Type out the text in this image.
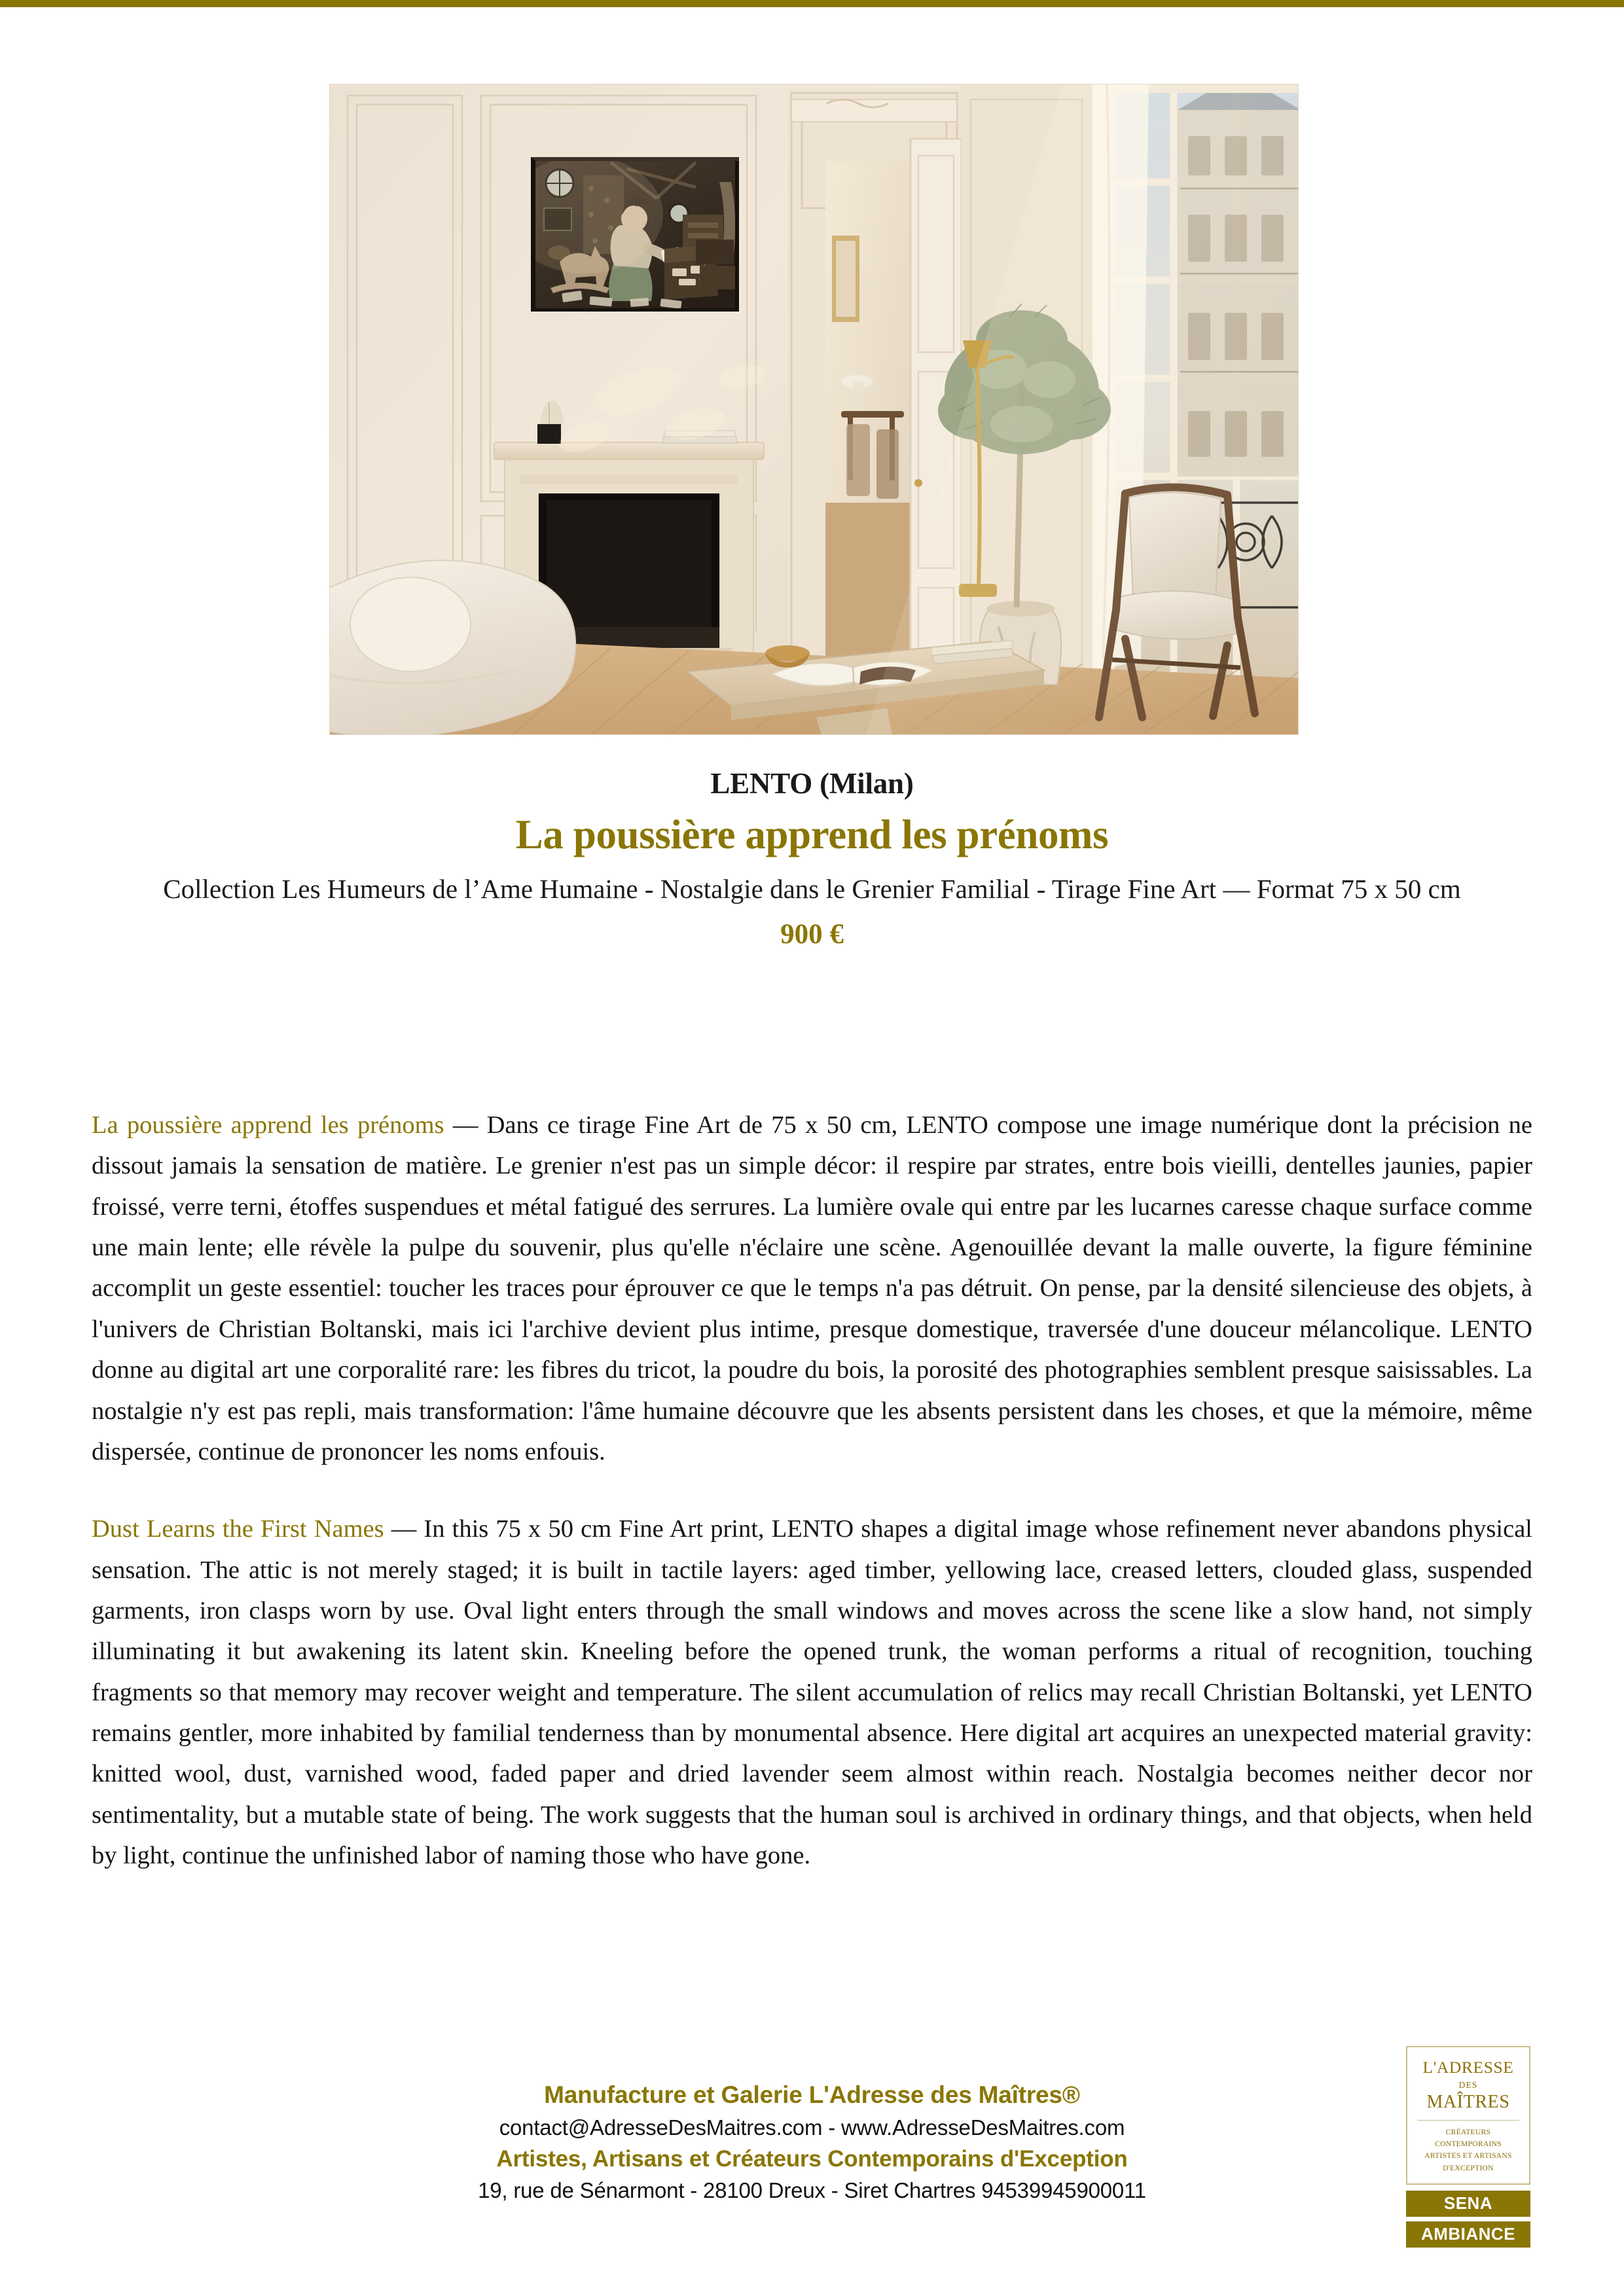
LENTO (Milan)
La poussière apprend les prénoms
Collection Les Humeurs de l’Ame Humaine - Nostalgie dans le Grenier Familial - Tirage Fine Art — Format 75 x 50 cm
900 €

La poussière apprend les prénoms — Dans ce tirage Fine Art de 75 x 50 cm, LENTO compose une image numérique dont la précision ne dissout jamais la sensation de matière. Le grenier n'est pas un simple décor: il respire par strates, entre bois vieilli, dentelles jaunies, papier froissé, verre terni, étoffes suspendues et métal fatigué des serrures. La lumière ovale qui entre par les lucarnes caresse chaque surface comme une main lente; elle révèle la pulpe du souvenir, plus qu'elle n'éclaire une scène. Agenouillée devant la malle ouverte, la figure féminine accomplit un geste essentiel: toucher les traces pour éprouver ce que le temps n'a pas détruit. On pense, par la densité silencieuse des objets, à l'univers de Christian Boltanski, mais ici l'archive devient plus intime, presque domestique, traversée d'une douceur mélancolique. LENTO donne au digital art une corporalité rare: les fibres du tricot, la poudre du bois, la porosité des photographies semblent presque saisissables. La nostalgie n'y est pas repli, mais transformation: l'âme humaine découvre que les absents persistent dans les choses, et que la mémoire, même dispersée, continue de prononcer les noms enfouis.

Dust Learns the First Names — In this 75 x 50 cm Fine Art print, LENTO shapes a digital image whose refinement never abandons physical sensation. The attic is not merely staged; it is built in tactile layers: aged timber, yellowing lace, creased letters, clouded glass, suspended garments, iron clasps worn by use. Oval light enters through the small windows and moves across the scene like a slow hand, not simply illuminating it but awakening its latent skin. Kneeling before the opened trunk, the woman performs a ritual of recognition, touching fragments so that memory may recover weight and temperature. The silent accumulation of relics may recall Christian Boltanski, yet LENTO remains gentler, more inhabited by familial tenderness than by monumental absence. Here digital art acquires an unexpected material gravity: knitted wool, dust, varnished wood, faded paper and dried lavender seem almost within reach. Nostalgia becomes neither decor nor sentimentality, but a mutable state of being. The work suggests that the human soul is archived in ordinary things, and that objects, when held by light, continue the unfinished labor of naming those who have gone.

Manufacture et Galerie L'Adresse des Maîtres®
contact@AdresseDesMaitres.com - www.AdresseDesMaitres.com
Artistes, Artisans et Créateurs Contemporains d'Exception
19, rue de Sénarmont - 28100 Dreux - Siret Chartres 94539945900011
L'ADRESSE
DES
MAÎTRES
CRÉATEURS CONTEMPORAINS
ARTISTES ET ARTISANS
D'EXCEPTION
SENA
AMBIANCE
